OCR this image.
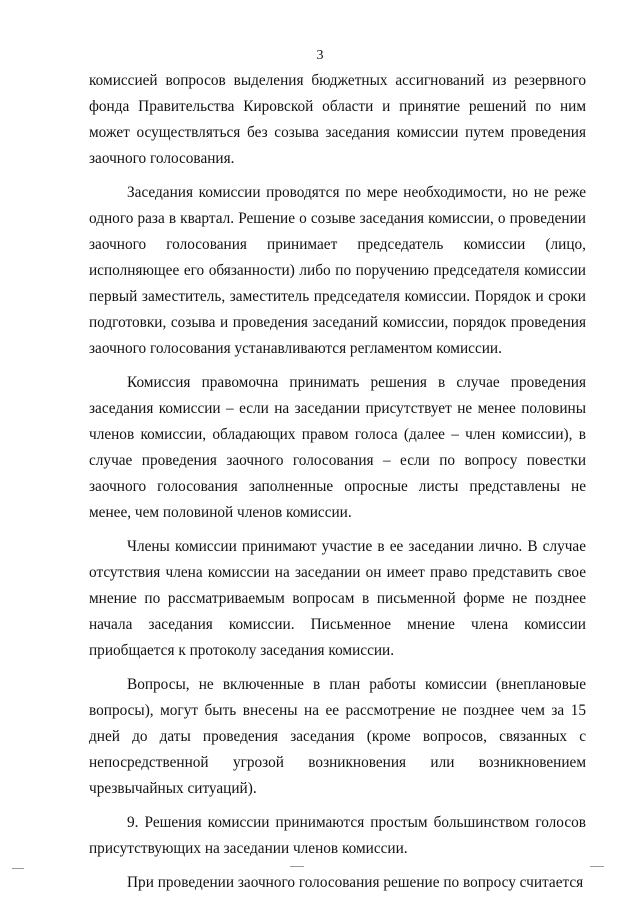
3

комиссией вопросов выделения бюджетных ассигнований из резервного фонда Правительства Кировской области и принятие решений по ним может осуществляться без созыва заседания комиссии путем проведения заочного голосования.

Заседания комиссии проводятся по мере необходимости, но не реже одного раза в квартал. Решение о созыве заседания комиссии, о проведении заочного голосования принимает председатель комиссии (лицо, исполняющее его обязанности) либо по поручению председателя комиссии первый заместитель, заместитель председателя комиссии. Порядок и сроки подготовки, созыва и проведения заседаний комиссии, порядок проведения заочного голосования устанавливаются регламентом комиссии.

Комиссия правомочна принимать решения в случае проведения заседания комиссии – если на заседании присутствует не менее половины членов комиссии, обладающих правом голоса (далее – член комиссии), в случае проведения заочного голосования – если по вопросу повестки заочного голосования заполненные опросные листы представлены не менее, чем половиной членов комиссии.

Члены комиссии принимают участие в ее заседании лично. В случае отсутствия члена комиссии на заседании он имеет право представить свое мнение по рассматриваемым вопросам в письменной форме не позднее начала заседания комиссии. Письменное мнение члена комиссии приобщается к протоколу заседания комиссии.

Вопросы, не включенные в план работы комиссии (внеплановые вопросы), могут быть внесены на ее рассмотрение не позднее чем за 15 дней до даты проведения заседания (кроме вопросов, связанных с непосредственной угрозой возникновения или возникновением чрезвычайных ситуаций).

9. Решения комиссии принимаются простым большинством голосов присутствующих на заседании членов комиссии.

При проведении заочного голосования решение по вопросу считается
